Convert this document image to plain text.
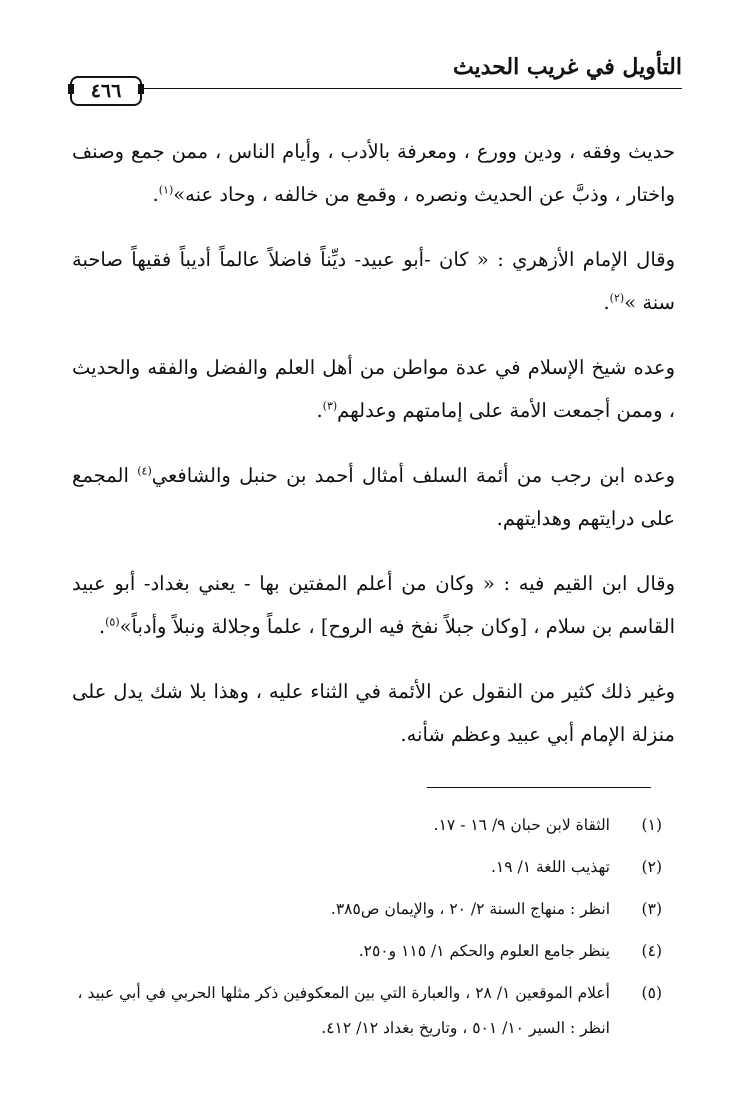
التأويل في غريب الحديث
٤٦٦

حديث وفقه ، ودين وورع ، ومعرفة بالأدب ، وأيام الناس ، ممن جمع وصنف واختار ، وذبَّ عن الحديث ونصره ، وقمع من خالفه ، وحاد عنه»$^{(١)}$.

وقال الإمام الأزهري : « كان -أبو عبيد- ديِّناً فاضلاً عالماً أديباً فقيهاً صاحبة سنة »$^{(٢)}$.

وعده شيخ الإسلام في عدة مواطن من أهل العلم والفضل والفقه والحديث ، وممن أجمعت الأمة على إمامتهم وعدلهم$^{(٣)}$.

وعده ابن رجب من أئمة السلف أمثال أحمد بن حنبل والشافعي$^{(٤)}$ المجمع على درايتهم وهدايتهم.

وقال ابن القيم فيه : « وكان من أعلم المفتين بها - يعني بغداد- أبو عبيد القاسم بن سلام ، [وكان جبلاً نفخ فيه الروح] ، علماً وجلالة ونبلاً وأدباً»$^{(٥)}$.

وغير ذلك كثير من النقول عن الأئمة في الثناء عليه ، وهذا بلا شك يدل على منزلة الإمام أبي عبيد وعظم شأنه.

(١)
الثقاة لابن حبان ٩/ ١٦ - ١٧.
(٢)
تهذيب اللغة ١/ ١٩.
(٣)
انظر : منهاج السنة ٢/ ٢٠ ، والإيمان ص٣٨٥.
(٤)
ينظر جامع العلوم والحكم ١/ ١١٥ و٢٥٠.
(٥)
أعلام الموقعين ١/ ٢٨ ، والعبارة التي بين المعكوفين ذكر مثلها الحربي في أبي عبيد ، انظر : السير ١٠/ ٥٠١ ، وتاريخ بغداد ١٢/ ٤١٢.
